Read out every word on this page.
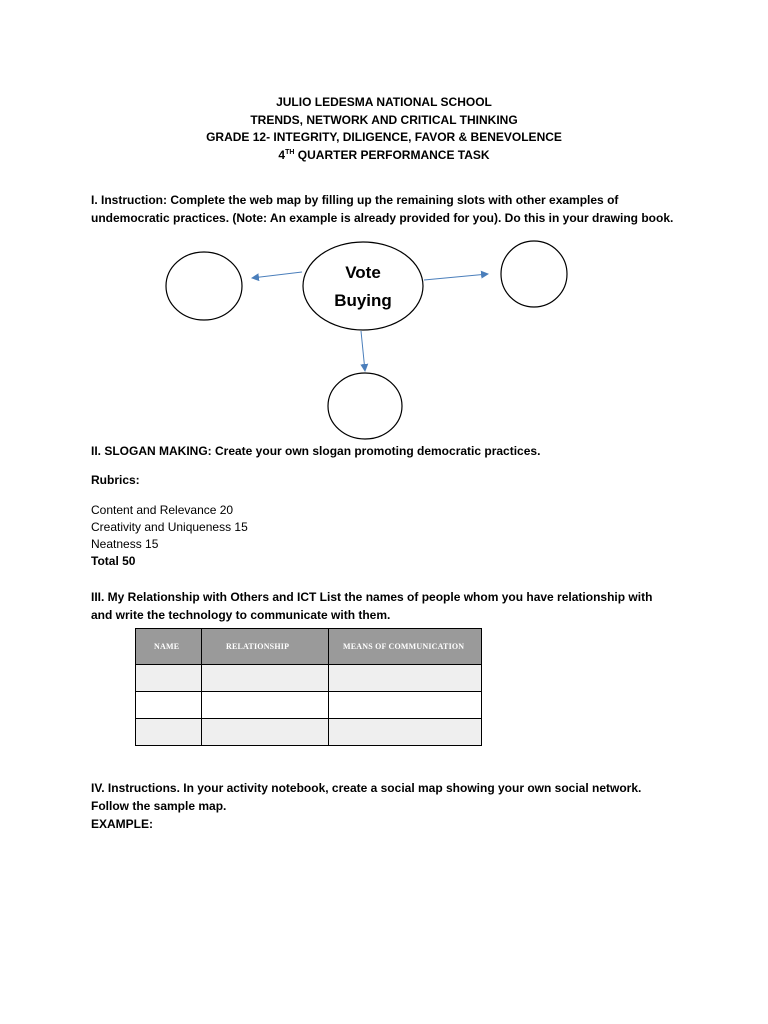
JULIO LEDESMA NATIONAL SCHOOL
TRENDS, NETWORK AND CRITICAL THINKING
GRADE 12- INTEGRITY, DILIGENCE, FAVOR & BENEVOLENCE
4TH QUARTER PERFORMANCE TASK
I. Instruction: Complete the web map by filling up the remaining slots with other examples of
undemocratic practices. (Note: An example is already provided for you). Do this in your drawing book.
Vote
Buying
II. SLOGAN MAKING: Create your own slogan promoting democratic practices.
Rubrics:
Content and Relevance 20
Creativity and Uniqueness 15
Neatness 15
Total 50
III. My Relationship with Others and ICT List the names of people whom you have relationship with
and write the technology to communicate with them.
NAME	RELATIONSHIP	MEANS OF COMMUNICATION

IV. Instructions. In your activity notebook, create a social map showing your own social network.
Follow the sample map.
EXAMPLE:
